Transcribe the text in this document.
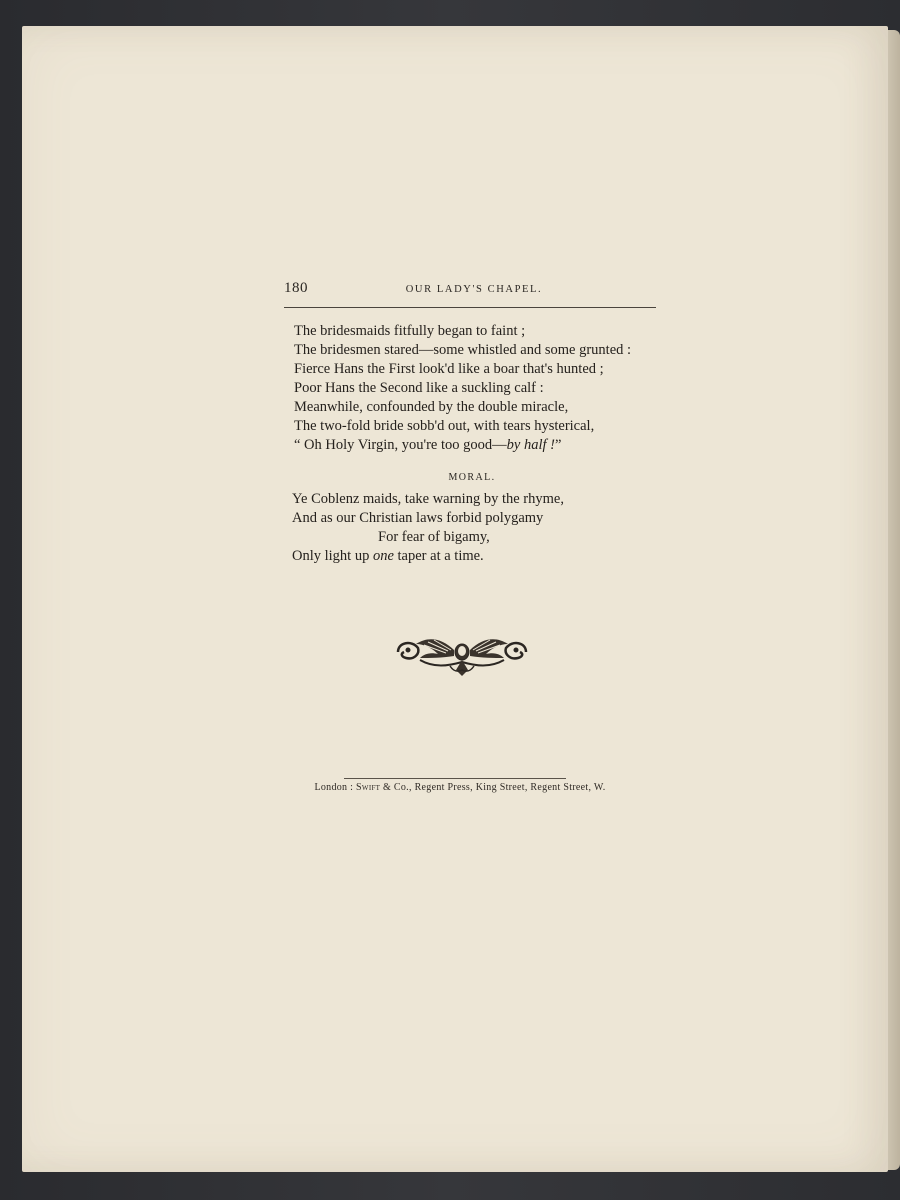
180	OUR LADY'S CHAPEL.
The bridesmaids fitfully began to faint ;
The bridesmen stared—some whistled and some grunted :
Fierce Hans the First look'd like a boar that's hunted ;
Poor Hans the Second like a suckling calf :
Meanwhile, confounded by the double miracle,
The two-fold bride sobb'd out, with tears hysterical,
“ Oh Holy Virgin, you're too good—by half !”
MORAL.
Ye Coblenz maids, take warning by the rhyme,
And as our Christian laws forbid polygamy
For fear of bigamy,
Only light up one taper at a time.
London : Swift & Co., Regent Press, King Street, Regent Street, W.
